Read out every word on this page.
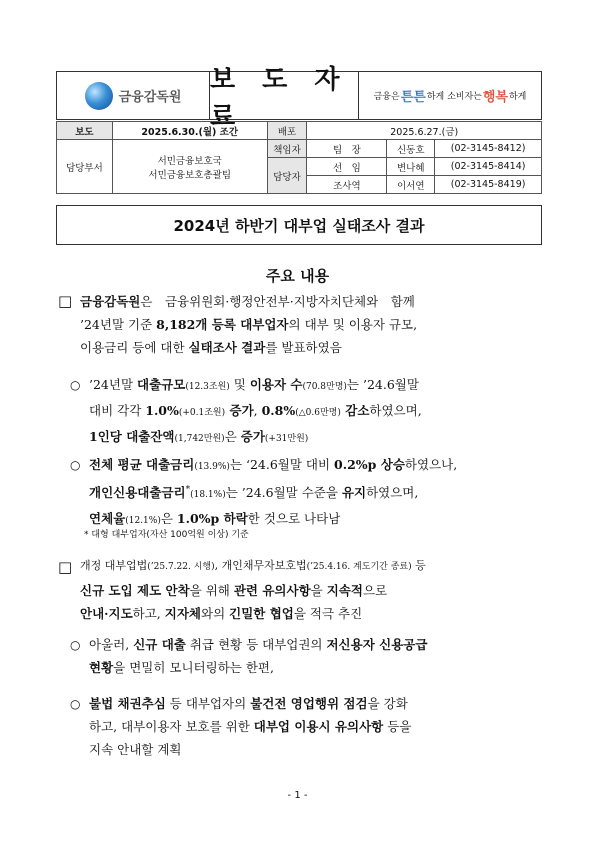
금융감독원
보 도 자 료
금융은 튼튼 하게 소비자는 행복 하게
보도	2025.6.30.(월) 조간	배포	2025.6.27.(금)		
담당부서	서민금융보호국
서민금융보호총괄팀	책임자	팀　장	신동호	(02-3145-8412)
		담당자	선　임	변나혜	(02-3145-8414)
			조사역	이서연	(02-3145-8419)
2024년 하반기 대부업 실태조사 결과
주요 내용
□ 금융감독원은　금융위원회·행정안전부·지방자치단체와　함께
’24년말 기준 8,182개 등록 대부업자의 대부 및 이용자 규모,
이용금리 등에 대한 실태조사 결과를 발표하였음
○ ’24년말 대출규모(12.3조원) 및 이용자 수(70.8만명)는 ’24.6월말
대비 각각 1.0%(+0.1조원) 증가, 0.8%(△0.6만명) 감소하였으며,
1인당 대출잔액(1,742만원)은 증가(+31만원)
○ 전체 평균 대출금리(13.9%)는 ‘24.6월말 대비 0.2%p 상승하였으나,
개인신용대출금리*(18.1%)는 ’24.6월말 수준을 유지하였으며,
연체율(12.1%)은 1.0%p 하락한 것으로 나타남
* 대형 대부업자(자산 100억원 이상) 기준
□ 개정 대부업법(’25.7.22. 시행), 개인채무자보호법(’25.4.16. 계도기간 종료) 등
신규 도입 제도 안착을 위해 관련 유의사항을 지속적으로
안내·지도하고, 지자체와의 긴밀한 협업을 적극 추진
○ 아울러, 신규 대출 취급 현황 등 대부업권의 저신용자 신용공급
현황을 면밀히 모니터링하는 한편,
○ 불법 채권추심 등 대부업자의 불건전 영업행위 점검을 강화
하고, 대부이용자 보호를 위한 대부업 이용시 유의사항 등을
지속 안내할 계획
- 1 -
